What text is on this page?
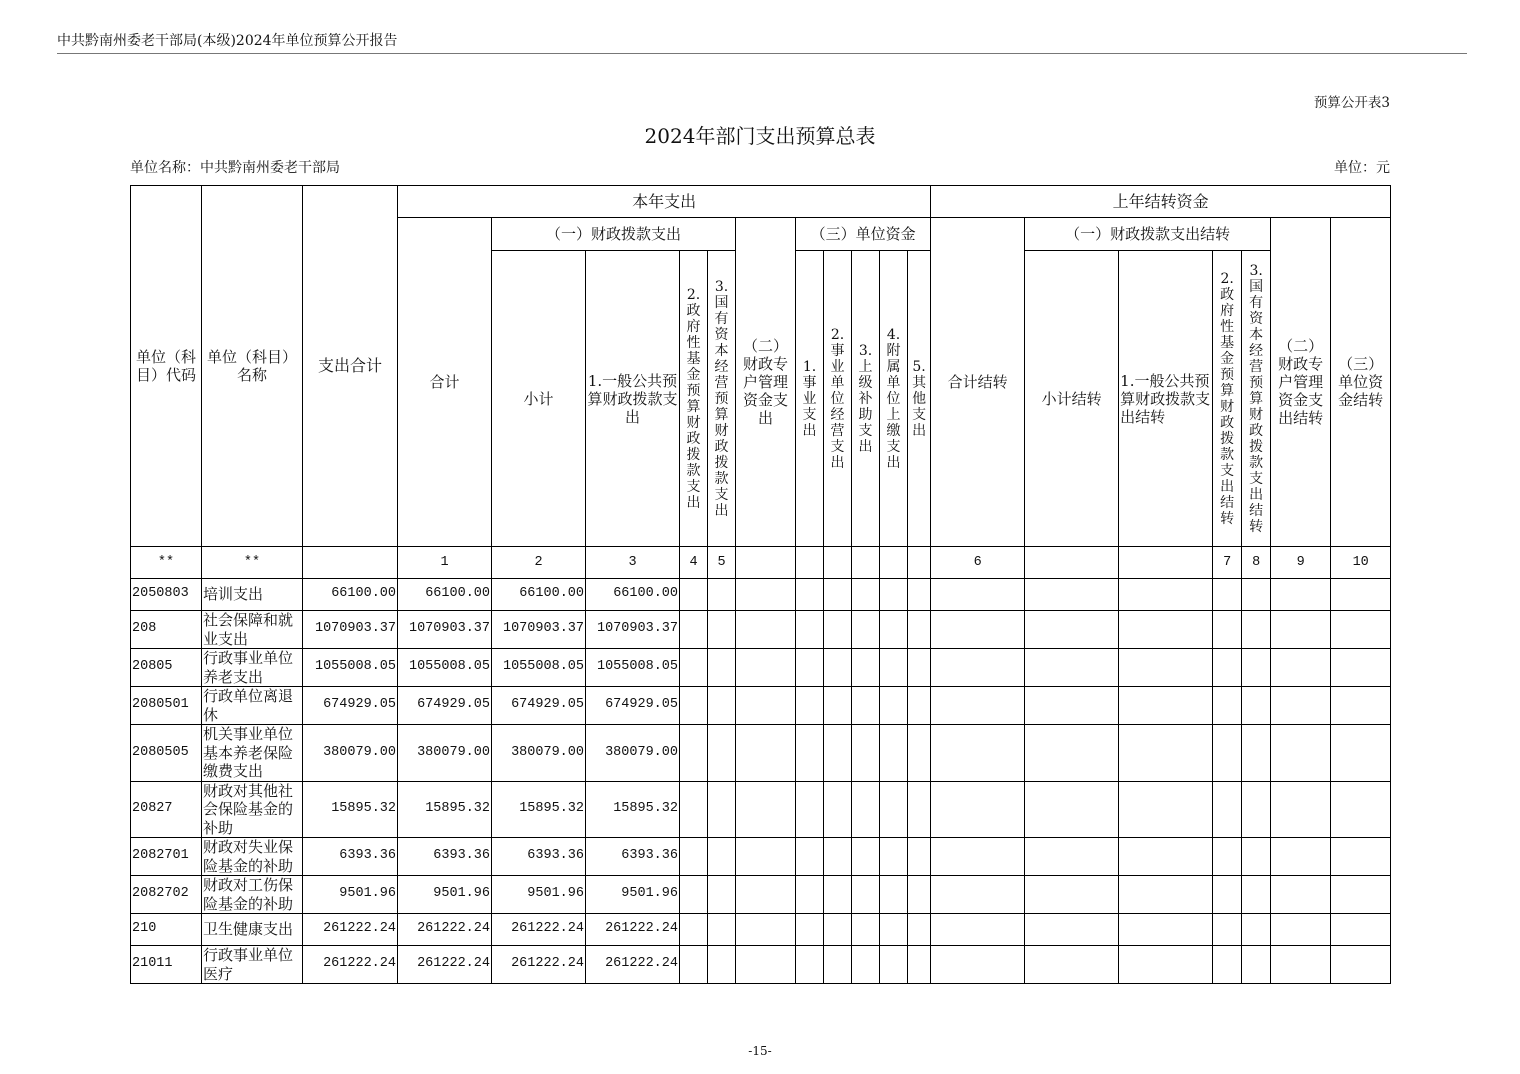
中共黔南州委老干部局(本级)2024年单位预算公开报告
预算公开表3
2024年部门支出预算总表
单位名称：中共黔南州委老干部局	单位：元
单位（科目）代码	单位（科目）名称	支出合计	本年支出											上年结转资金						
			合计	（一）财政拨款支出				（二）财政专户管理资金支出	（三）单位资金					合计结转	（一）财政拨款支出结转				（二）财政专户管理资金支出结转	（三）单位资金结转
				小计	1.一般公共预算财政拨款支出	2.政府性基金预算财政拨款支出	3.国有资本经营预算财政拨款支出		1.事业支出	2.事业单位经营支出	3.上级补助支出	4.附属单位上缴支出	5.其他支出		小计结转	1.一般公共预算财政拨款支出结转	2.政府性基金预算财政拨款支出结转	3.国有资本经营预算财政拨款支出结转		

**	**		1	2	3	4	5							6			7	8	9	10
2050803	培训支出	66100.00	66100.00	66100.00	66100.00															
208	社会保障和就业支出	1070903.37	1070903.37	1070903.37	1070903.37															
20805	行政事业单位养老支出	1055008.05	1055008.05	1055008.05	1055008.05															
2080501	行政单位离退休	674929.05	674929.05	674929.05	674929.05															
2080505	机关事业单位基本养老保险缴费支出	380079.00	380079.00	380079.00	380079.00															
20827	财政对其他社会保险基金的补助	15895.32	15895.32	15895.32	15895.32															
2082701	财政对失业保险基金的补助	6393.36	6393.36	6393.36	6393.36															
2082702	财政对工伤保险基金的补助	9501.96	9501.96	9501.96	9501.96															
210	卫生健康支出	261222.24	261222.24	261222.24	261222.24															
21011	行政事业单位医疗	261222.24	261222.24	261222.24	261222.24															
-15-
